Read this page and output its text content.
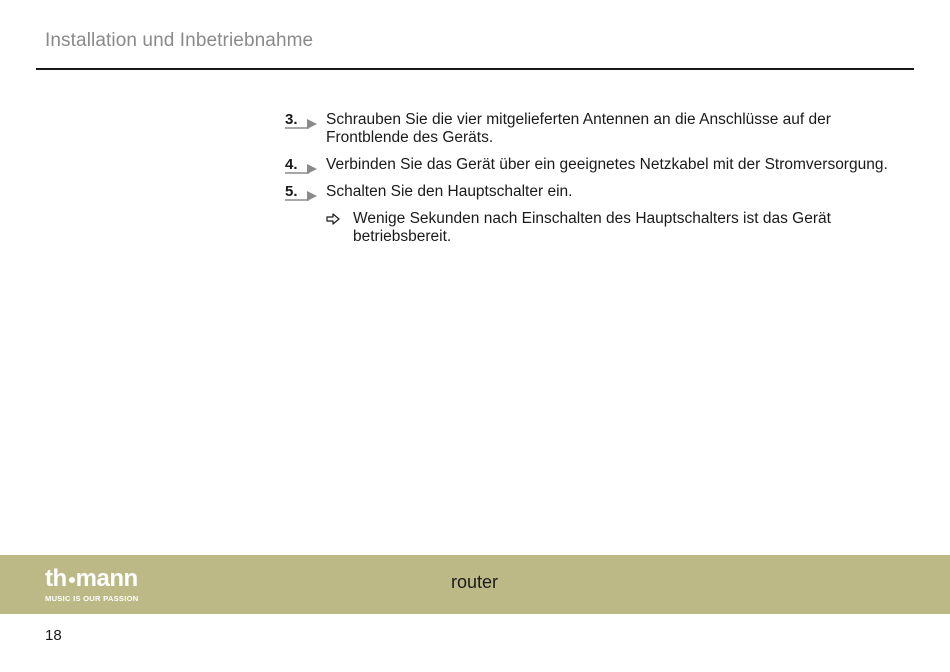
Installation und Inbetriebnahme
3. Schrauben Sie die vier mitgelieferten Antennen an die Anschlüsse auf der Frontblende des Geräts.
4. Verbinden Sie das Gerät über ein geeignetes Netzkabel mit der Stromversorgung.
5. Schalten Sie den Hauptschalter ein.
Wenige Sekunden nach Einschalten des Hauptschalters ist das Gerät betriebsbereit.
th mann
MUSIC IS OUR PASSION
router
18
